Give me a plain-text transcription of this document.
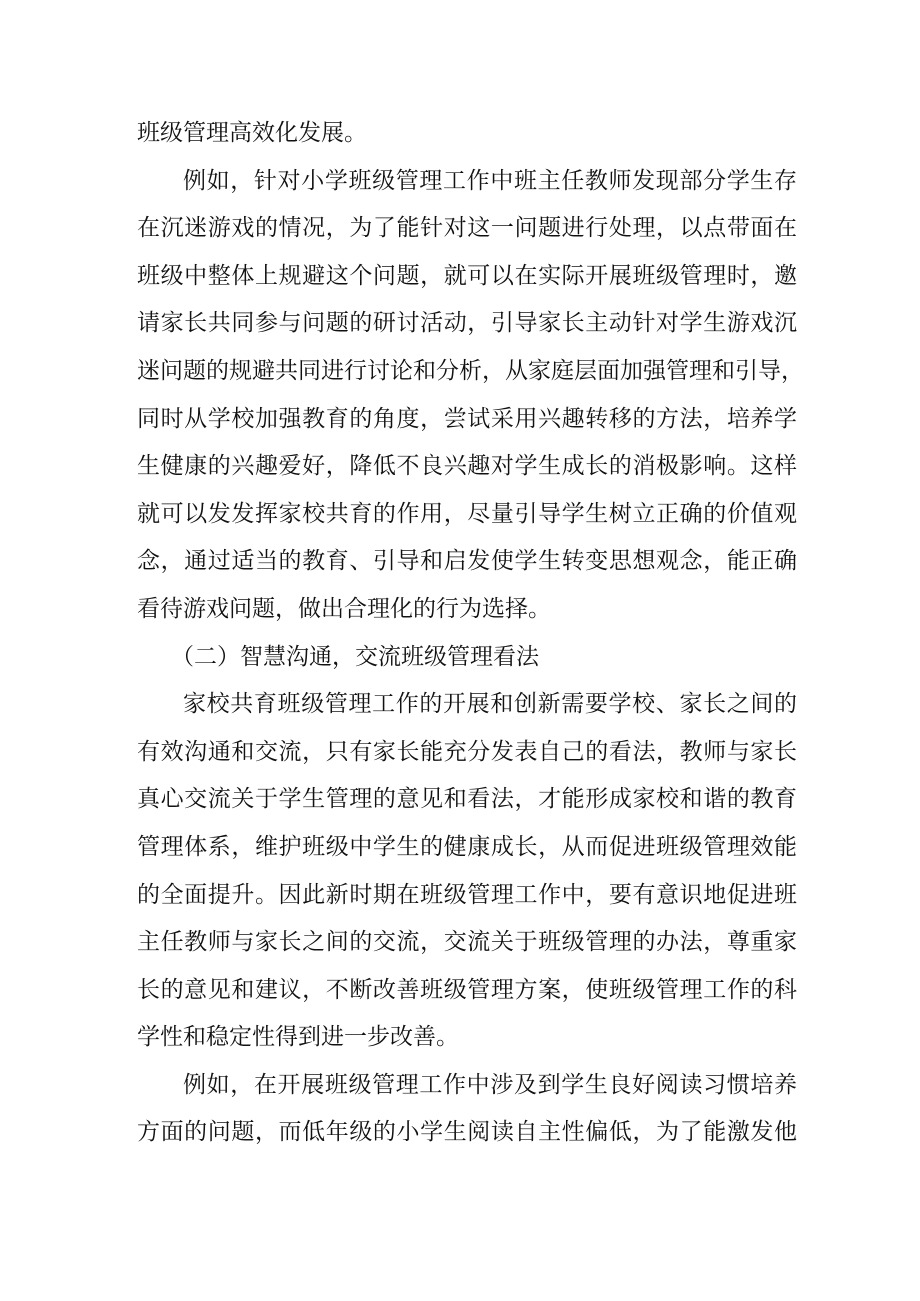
班级管理高效化发展。
例如，针对小学班级管理工作中班主任教师发现部分学生存
在沉迷游戏的情况，为了能针对这一问题进行处理，以点带面在
班级中整体上规避这个问题，就可以在实际开展班级管理时，邀
请家长共同参与问题的研讨活动，引导家长主动针对学生游戏沉
迷问题的规避共同进行讨论和分析，从家庭层面加强管理和引导，
同时从学校加强教育的角度，尝试采用兴趣转移的方法，培养学
生健康的兴趣爱好，降低不良兴趣对学生成长的消极影响。这样
就可以发发挥家校共育的作用，尽量引导学生树立正确的价值观
念，通过适当的教育、引导和启发使学生转变思想观念，能正确
看待游戏问题，做出合理化的行为选择。
（二）智慧沟通，交流班级管理看法
家校共育班级管理工作的开展和创新需要学校、家长之间的
有效沟通和交流，只有家长能充分发表自己的看法，教师与家长
真心交流关于学生管理的意见和看法，才能形成家校和谐的教育
管理体系，维护班级中学生的健康成长，从而促进班级管理效能
的全面提升。因此新时期在班级管理工作中，要有意识地促进班
主任教师与家长之间的交流，交流关于班级管理的办法，尊重家
长的意见和建议，不断改善班级管理方案，使班级管理工作的科
学性和稳定性得到进一步改善。
例如，在开展班级管理工作中涉及到学生良好阅读习惯培养
方面的问题，而低年级的小学生阅读自主性偏低，为了能激发他
